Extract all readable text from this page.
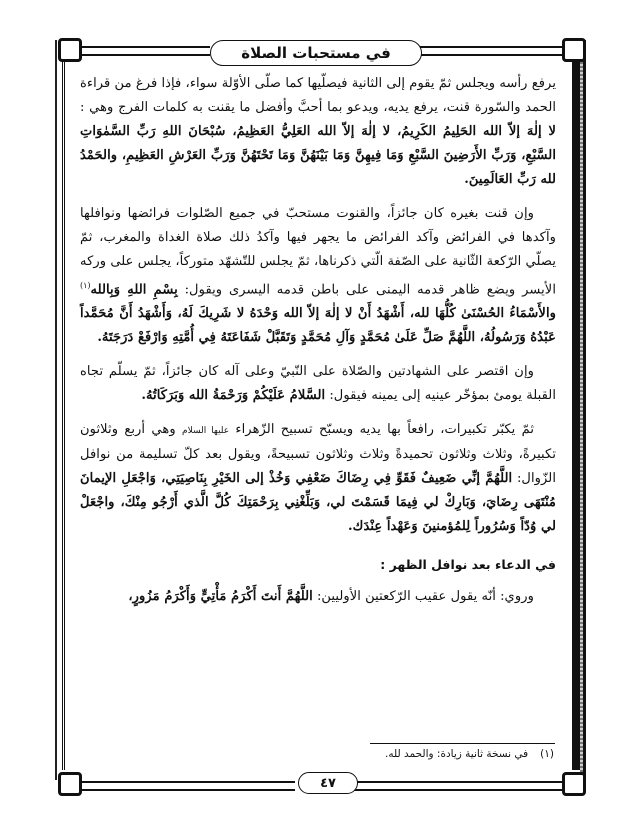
في مستحبات الصلاة

يرفع رأسه ويجلس ثمّ يقوم إلى الثانية فيصلّيها كما صلّى الأوّلة سواء، فإذا فرغ من قراءة الحمد والسّورة قنت، يرفع يديه، ويدعو بما أحبَّ وأفضل ما يقنت به كلمات الفرج وهي : لا إلٰهَ إلاّ الله الحَلِيمُ الكَرِيمُ، لا إلٰهَ إلاّ الله العَلِيُّ العَظِيمُ، سُبْحَانَ اللهِ رَبِّ السَّمٰوَاتِ السَّبْعِ، وَرَبِّ الأَرَضِينَ السَّبْعِ وَمَا فِيهِنَّ وَمَا بَيْنَهُنَّ وَمَا تَحْتَهُنَّ وَرَبِّ العَرْشِ العَظِيمِ، والحَمْدُ لله رَبِّ العَالَمِينَ.

وإن قنت بغيره كان جائزاً، والقنوت مستحبّ في جميع الصّلوات فرائضها ونوافلها وآكدها في الفرائض وآكد الفرائض ما يجهر فيها وآكدُ ذلك صلاة الغداة والمغرب، ثمّ يصلّي الرّكعة الثّانية على الصّفة الّتي ذكرناها، ثمّ يجلس للتّشهّد متوركاً، يجلس على وركه الأيسر ويضع ظاهر قدمه اليمنى على باطن قدمه اليسرى ويقول: بِسْمِ اللهِ وَبِالله$^{(١)}$ والأَسْمَاءُ الحُسْنَىٰ كُلُّهَا لله، أَشْهَدُ أَنْ لا إلٰهَ إلاّ الله وَحْدَهُ لا شَرِيكَ لَهُ، وَأَشْهَدُ أَنَّ مُحَمَّداً عَبْدُهُ وَرَسُولُهُ، اللَّهُمَّ صَلِّ عَلَىٰ مُحَمَّدٍ وَآلِ مُحَمَّدٍ وَتَقَبَّلْ شَفَاعَتَهُ فِي أُمَّتِهِ وَارْفَعْ دَرَجَتَهُ.

وإن اقتصر على الشهادتين والصّلاة على النّبيّ وعلى آله كان جائزاً، ثمّ يسلّم تجاه القبلة يومئ بمؤخّر عينيه إلى يمينه فيقول: السَّلامُ عَلَيْكُمْ وَرَحْمَةُ الله وَبَرَكَاتُهُ.

ثمّ يكبّر تكبيرات، رافعاً بها يديه ويسبّح تسبيح الزّهراء عليها السلام وهي أربع وثلاثون تكبيرةً، وثلاث وثلاثون تحميدةً وثلاث وثلاثون تسبيحةً، ويقول بعد كلّ تسليمة من نوافل الزّوال: اللَّهُمَّ إنِّي ضَعِيفٌ فَقَوِّ فِي رِضَاكَ ضَعْفِي وَخُذْ إلى الخَيْرِ بِنَاصِيَتِي، وَاجْعَلِ الإيمانَ مُنْتَهَى رِضَايَ، وَبَارِكْ لي فِيمَا قَسَمْتَ لي، وَبَلِّغْنِي بِرَحْمَتِكَ كُلَّ الَّذي أَرْجُو مِنْكَ، واجْعَلْ لي وُدّاً وَسُرُوراً لِلمُؤمنينَ وَعَهْداً عِنْدَك.

في الدعاء بعد نوافل الظهر :

وروي: أنّه يقول عقيب الرّكعتين الأوليين: اللَّهُمَّ أَنتَ أَكْرَمُ مَأْتِيٍّ وَأَكْرَمُ مَزُورٍ،

(١)في نسخة ثانية زيادة: والحمد لله.
٤٧
